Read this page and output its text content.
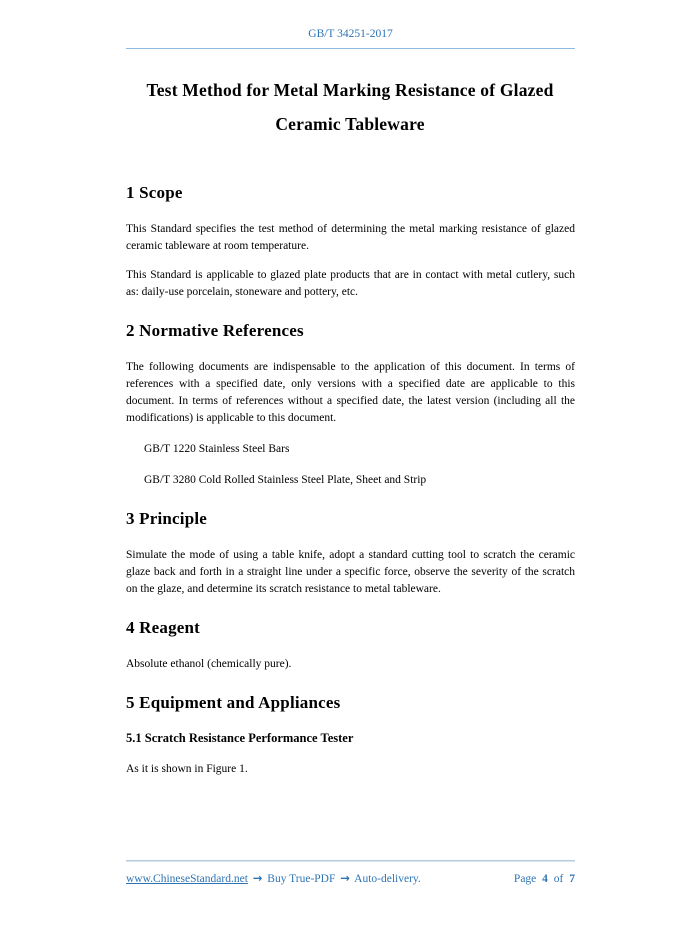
GB/T 34251-2017
Test Method for Metal Marking Resistance of Glazed
Ceramic Tableware
1 Scope

This Standard specifies the test method of determining the metal marking resistance of glazed ceramic tableware at room temperature.

This Standard is applicable to glazed plate products that are in contact with metal cutlery, such as: daily-use porcelain, stoneware and pottery, etc.

2 Normative References

The following documents are indispensable to the application of this document. In terms of references with a specified date, only versions with a specified date are applicable to this document. In terms of references without a specified date, the latest version (including all the modifications) is applicable to this document.

GB/T 1220 Stainless Steel Bars

GB/T 3280 Cold Rolled Stainless Steel Plate, Sheet and Strip

3 Principle

Simulate the mode of using a table knife, adopt a standard cutting tool to scratch the ceramic glaze back and forth in a straight line under a specific force, observe the severity of the scratch on the glaze, and determine its scratch resistance to metal tableware.

4 Reagent

Absolute ethanol (chemically pure).

5 Equipment and Appliances
5.1 Scratch Resistance Performance Tester

As it is shown in Figure 1.

www.ChineseStandard.net → Buy True-PDF → Auto-delivery.	Page 4 of 7
